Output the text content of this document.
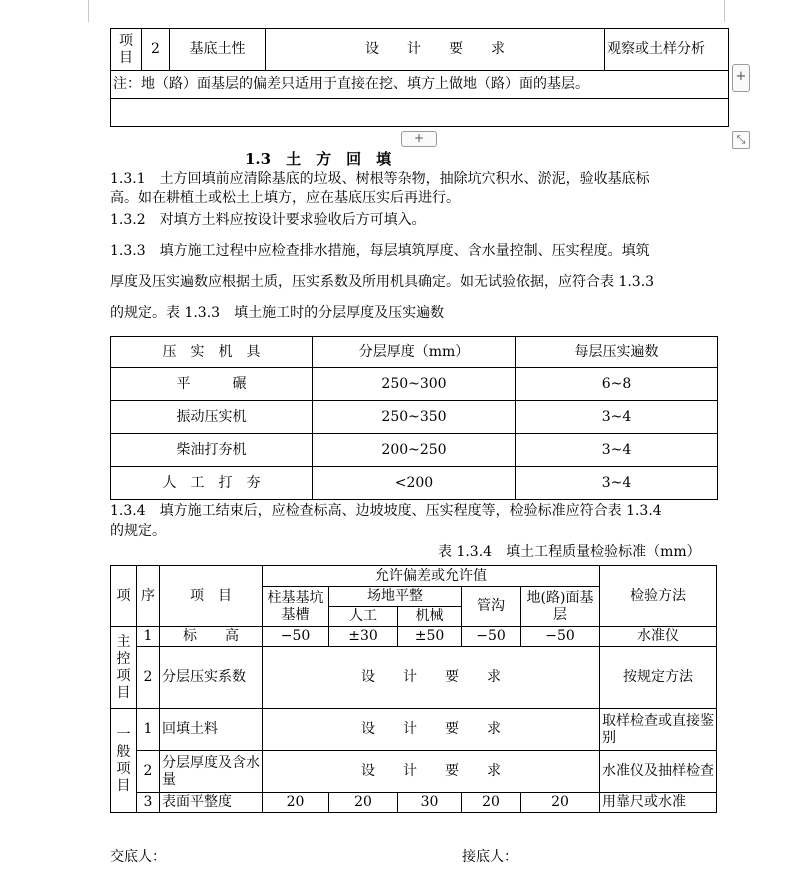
项目	2	基底土性	设　　计　　要　　求	观察或土样分析
注：地（路）面基层的偏差只适用于直接在挖、填方上做地（路）面的基层。	+
+	⤡
1.3　土　方　回　填
1.3.1　土方回填前应清除基底的垃圾、树根等杂物，抽除坑穴积水、淤泥，验收基底标
高。如在耕植土或松土上填方，应在基底压实后再进行。
1.3.2　对填方土料应按设计要求验收后方可填入。
1.3.3　填方施工过程中应检查排水措施，每层填筑厚度、含水量控制、压实程度。填筑
厚度及压实遍数应根据土质，压实系数及所用机具确定。如无试验依据，应符合表 1.3.3
的规定。表 1.3.3　填土施工时的分层厚度及压实遍数
压　实　机　具	分层厚度（mm）	每层压实遍数
平　　　碾	250~300	6~8
振动压实机	250~350	3~4
柴油打夯机	200~250	3~4
人　工　打　夯	<200	3~4
1.3.4　填方施工结束后，应检查标高、边坡坡度、压实程度等，检验标准应符合表 1.3.4
的规定。
表 1.3.4　填土工程质量检验标准（mm）
项	序	项　目	允许偏差或允许值					检验方法
			柱基基坑基槽	场地平整		管沟	地(路)面基层	
				人工	机械			
主控项目	1	标　　高	−50	±30	±50	−50	−50	水准仪
	2	分层压实系数	设　　计　　要　　求					按规定方法
一般项目	1	回填土料	设　　计　　要　　求					取样检查或直接鉴别
	2	分层厚度及含水量	设　　计　　要　　求					水准仪及抽样检查
	3	表面平整度	20	20	30	20	20	用靠尺或水准
交底人：	接底人：
